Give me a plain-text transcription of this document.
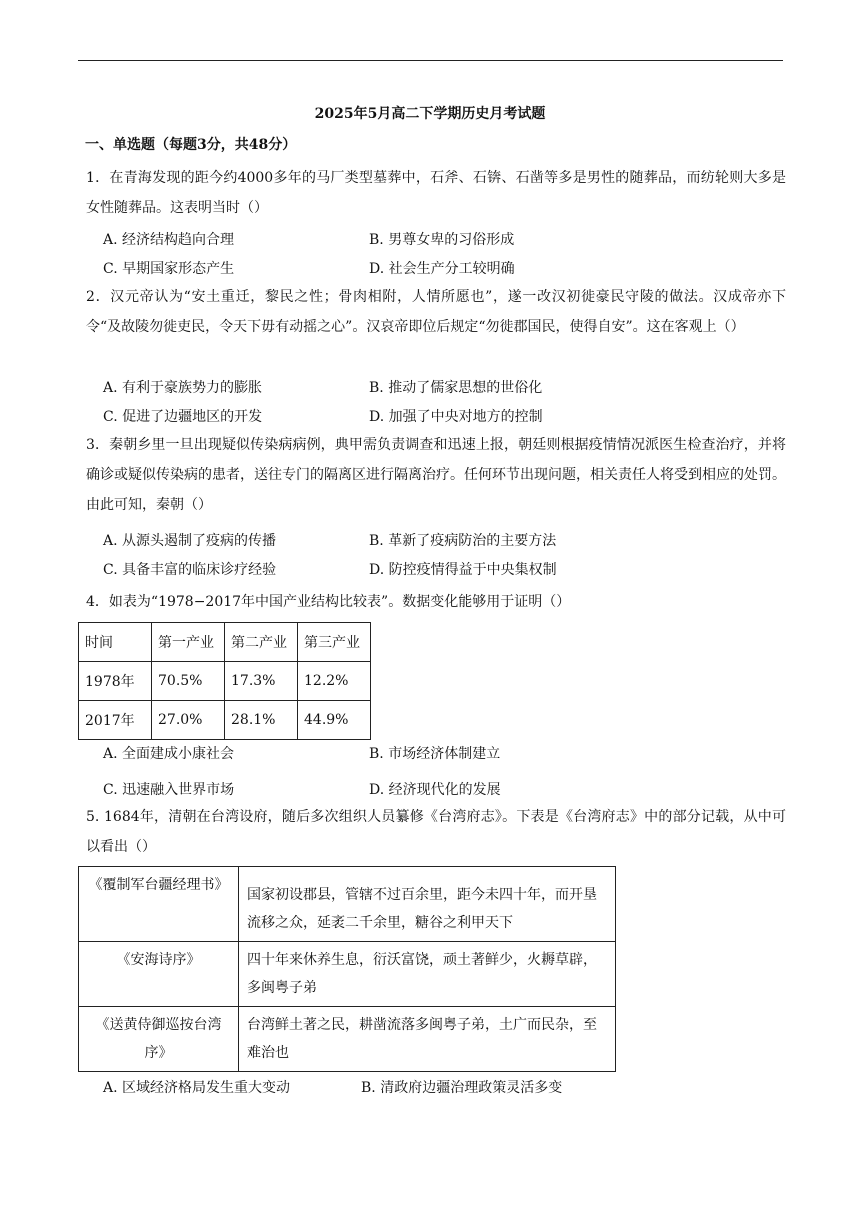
2025年5月高二下学期历史月考试题
一、单选题（每题3分，共48分）
1．在青海发现的距今约4000多年的马厂类型墓葬中，石斧、石锛、石凿等多是男性的随葬品，而纺轮则大多是女性随葬品。这表明当时（）
A. 经济结构趋向合理	B. 男尊女卑的习俗形成
C. 早期国家形态产生	D. 社会生产分工较明确
2．汉元帝认为“安土重迁，黎民之性；骨肉相附，人情所愿也”，遂一改汉初徙豪民守陵的做法。汉成帝亦下令“及故陵勿徙吏民，令天下毋有动摇之心”。汉哀帝即位后规定“勿徙郡国民，使得自安”。这在客观上（）
A. 有利于豪族势力的膨胀	B. 推动了儒家思想的世俗化
C. 促进了边疆地区的开发	D. 加强了中央对地方的控制
3．秦朝乡里一旦出现疑似传染病病例，典甲需负责调查和迅速上报，朝廷则根据疫情情况派医生检查治疗，并将确诊或疑似传染病的患者，送往专门的隔离区进行隔离治疗。任何环节出现问题，相关责任人将受到相应的处罚。由此可知，秦朝（）
A. 从源头遏制了疫病的传播	B. 革新了疫病防治的主要方法
C. 具备丰富的临床诊疗经验	D. 防控疫情得益于中央集权制
4．如表为“1978−2017年中国产业结构比较表”。数据变化能够用于证明（）
时间	第一产业	第二产业	第三产业
1978年	70.5%	17.3%	12.2%
2017年	27.0%	28.1%	44.9%
A. 全面建成小康社会	B. 市场经济体制建立
C. 迅速融入世界市场	D. 经济现代化的发展
5. 1684年，清朝在台湾设府，随后多次组织人员纂修《台湾府志》。下表是《台湾府志》中的部分记载，从中可以看出（）
《覆制军台疆经理书》	国家初设郡县，管辖不过百余里，距今未四十年，而开垦流移之众，延袤二千余里，糖谷之利甲天下
《安海诗序》	四十年来休养生息，衍沃富饶，顽土著鲜少，火耨草辟，多闽粤子弟
《送黄侍御巡按台湾序》	台湾鲜土著之民，耕凿流落多闽粤子弟，土广而民杂，至难治也
A. 区域经济格局发生重大变动	B. 清政府边疆治理政策灵活多变
